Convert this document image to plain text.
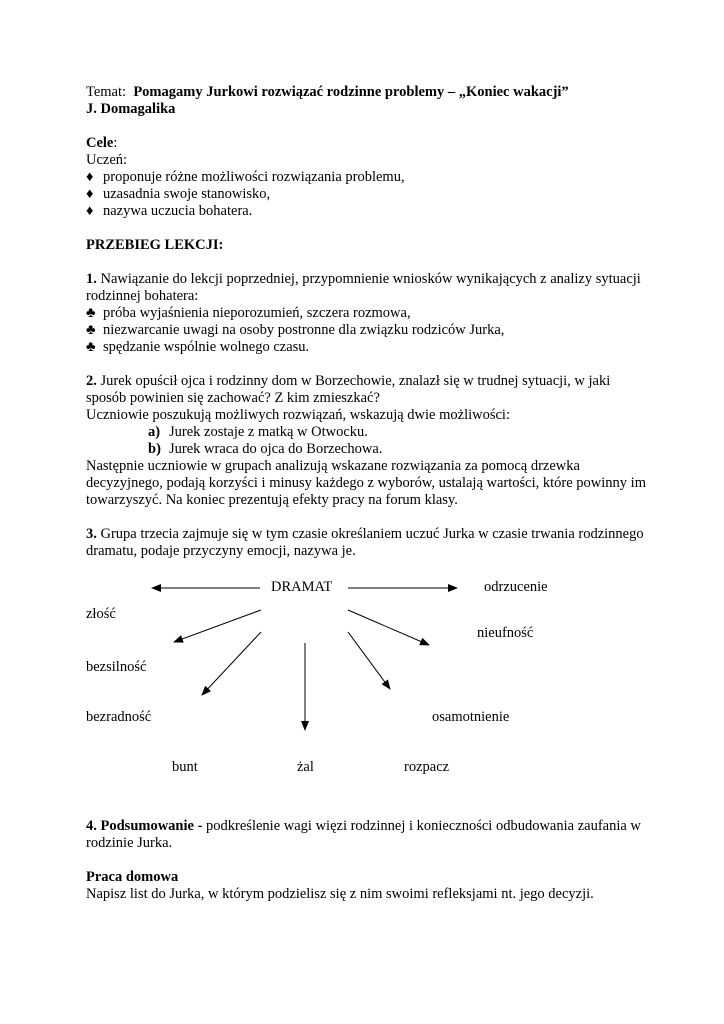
Temat: Pomagamy Jurkowi rozwiązać rodzinne problemy – „Koniec wakacji”

J. Domagalika

Cele:

Uczeń:

♦ proponuje różne możliwości rozwiązania problemu,
♦ uzasadnia swoje stanowisko,
♦ nazywa uczucia bohatera.

PRZEBIEG LEKCJI:

1. Nawiązanie do lekcji poprzedniej, przypomnienie wniosków wynikających z analizy sytuacji rodzinnej bohatera:

♣ próba wyjaśnienia nieporozumień, szczera rozmowa,
♣ niezwarcanie uwagi na osoby postronne dla związku rodziców Jurka,
♣ spędzanie wspólnie wolnego czasu.

2. Jurek opuścił ojca i rodzinny dom w Borzechowie, znalazł się w trudnej sytuacji, w jaki sposób powinien się zachować? Z kim zmieszkać?

Uczniowie poszukują możliwych rozwiązań, wskazują dwie możliwości:

a) Jurek zostaje z matką w Otwocku.
b) Jurek wraca do ojca do Borzechowa.

Następnie uczniowie w grupach analizują wskazane rozwiązania za pomocą drzewka decyzyjnego, podają korzyści i minusy każdego z wyborów, ustalają wartości, które powinny im towarzyszyć. Na koniec prezentują efekty pracy na forum klasy.

3. Grupa trzecia zajmuje się w tym czasie określaniem uczuć Jurka w czasie trwania rodzinnego dramatu, podaje przyczyny emocji, nazywa je.

DRAMAT	odrzucenie
złość
nieufność
bezsilność
bezradność	osamotnienie
bunt	żal	rozpacz

4. Podsumowanie - podkreślenie wagi więzi rodzinnej i konieczności odbudowania zaufania w rodzinie Jurka.

Praca domowa

Napisz list do Jurka, w którym podzielisz się z nim swoimi refleksjami nt. jego decyzji.
